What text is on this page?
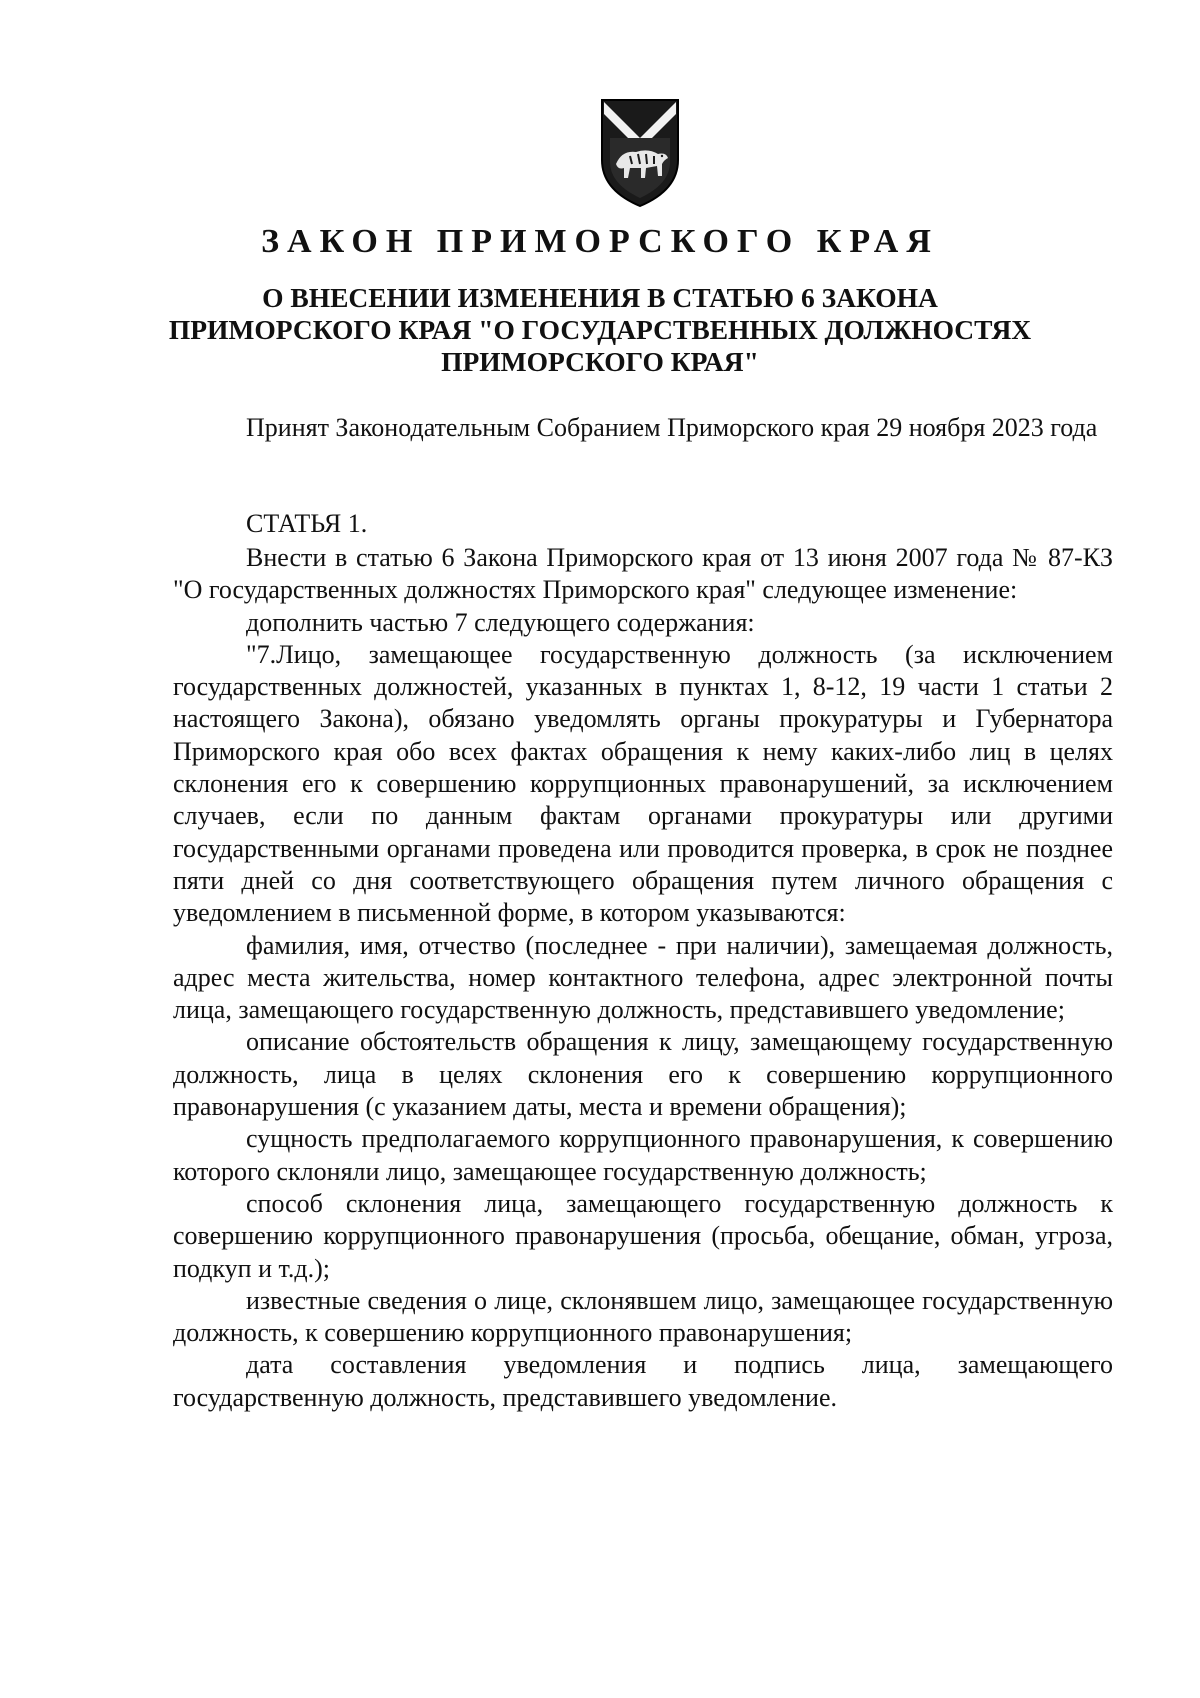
ЗАКОН ПРИМОРСКОГО КРАЯ
О ВНЕСЕНИИ ИЗМЕНЕНИЯ В СТАТЬЮ 6 ЗАКОНА
ПРИМОРСКОГО КРАЯ "О ГОСУДАРСТВЕННЫХ ДОЛЖНОСТЯХ
ПРИМОРСКОГО КРАЯ"
Принят Законодательным Собранием Приморского края 29 ноября 2023 года
СТАТЬЯ 1.

Внести в статью 6 Закона Приморского края от 13 июня 2007 года № 87-КЗ "О государственных должностях Приморского края" следующее изменение:

дополнить частью 7 следующего содержания:

"7.Лицо, замещающее государственную должность (за исключением государственных должностей, указанных в пунктах 1, 8-12, 19 части 1 статьи 2 настоящего Закона), обязано уведомлять органы прокуратуры и Губернатора Приморского края обо всех фактах обращения к нему каких-либо лиц в целях склонения его к совершению коррупционных правонарушений, за исключением случаев, если по данным фактам органами прокуратуры или другими государственными органами проведена или проводится проверка, в срок не позднее пяти дней со дня соответствующего обращения путем личного обращения с уведомлением в письменной форме, в котором указываются:

фамилия, имя, отчество (последнее - при наличии), замещаемая должность, адрес места жительства, номер контактного телефона, адрес электронной почты лица, замещающего государственную должность, представившего уведомление;

описание обстоятельств обращения к лицу, замещающему государственную должность, лица в целях склонения его к совершению коррупционного правонарушения (с указанием даты, места и времени обращения);

сущность предполагаемого коррупционного правонарушения, к совершению которого склоняли лицо, замещающее государственную должность;

способ склонения лица, замещающего государственную должность к совершению коррупционного правонарушения (просьба, обещание, обман, угроза, подкуп и т.д.);

известные сведения о лице, склонявшем лицо, замещающее государственную должность, к совершению коррупционного правонарушения;

дата составления уведомления и подпись лица, замещающего государственную должность, представившего уведомление.
